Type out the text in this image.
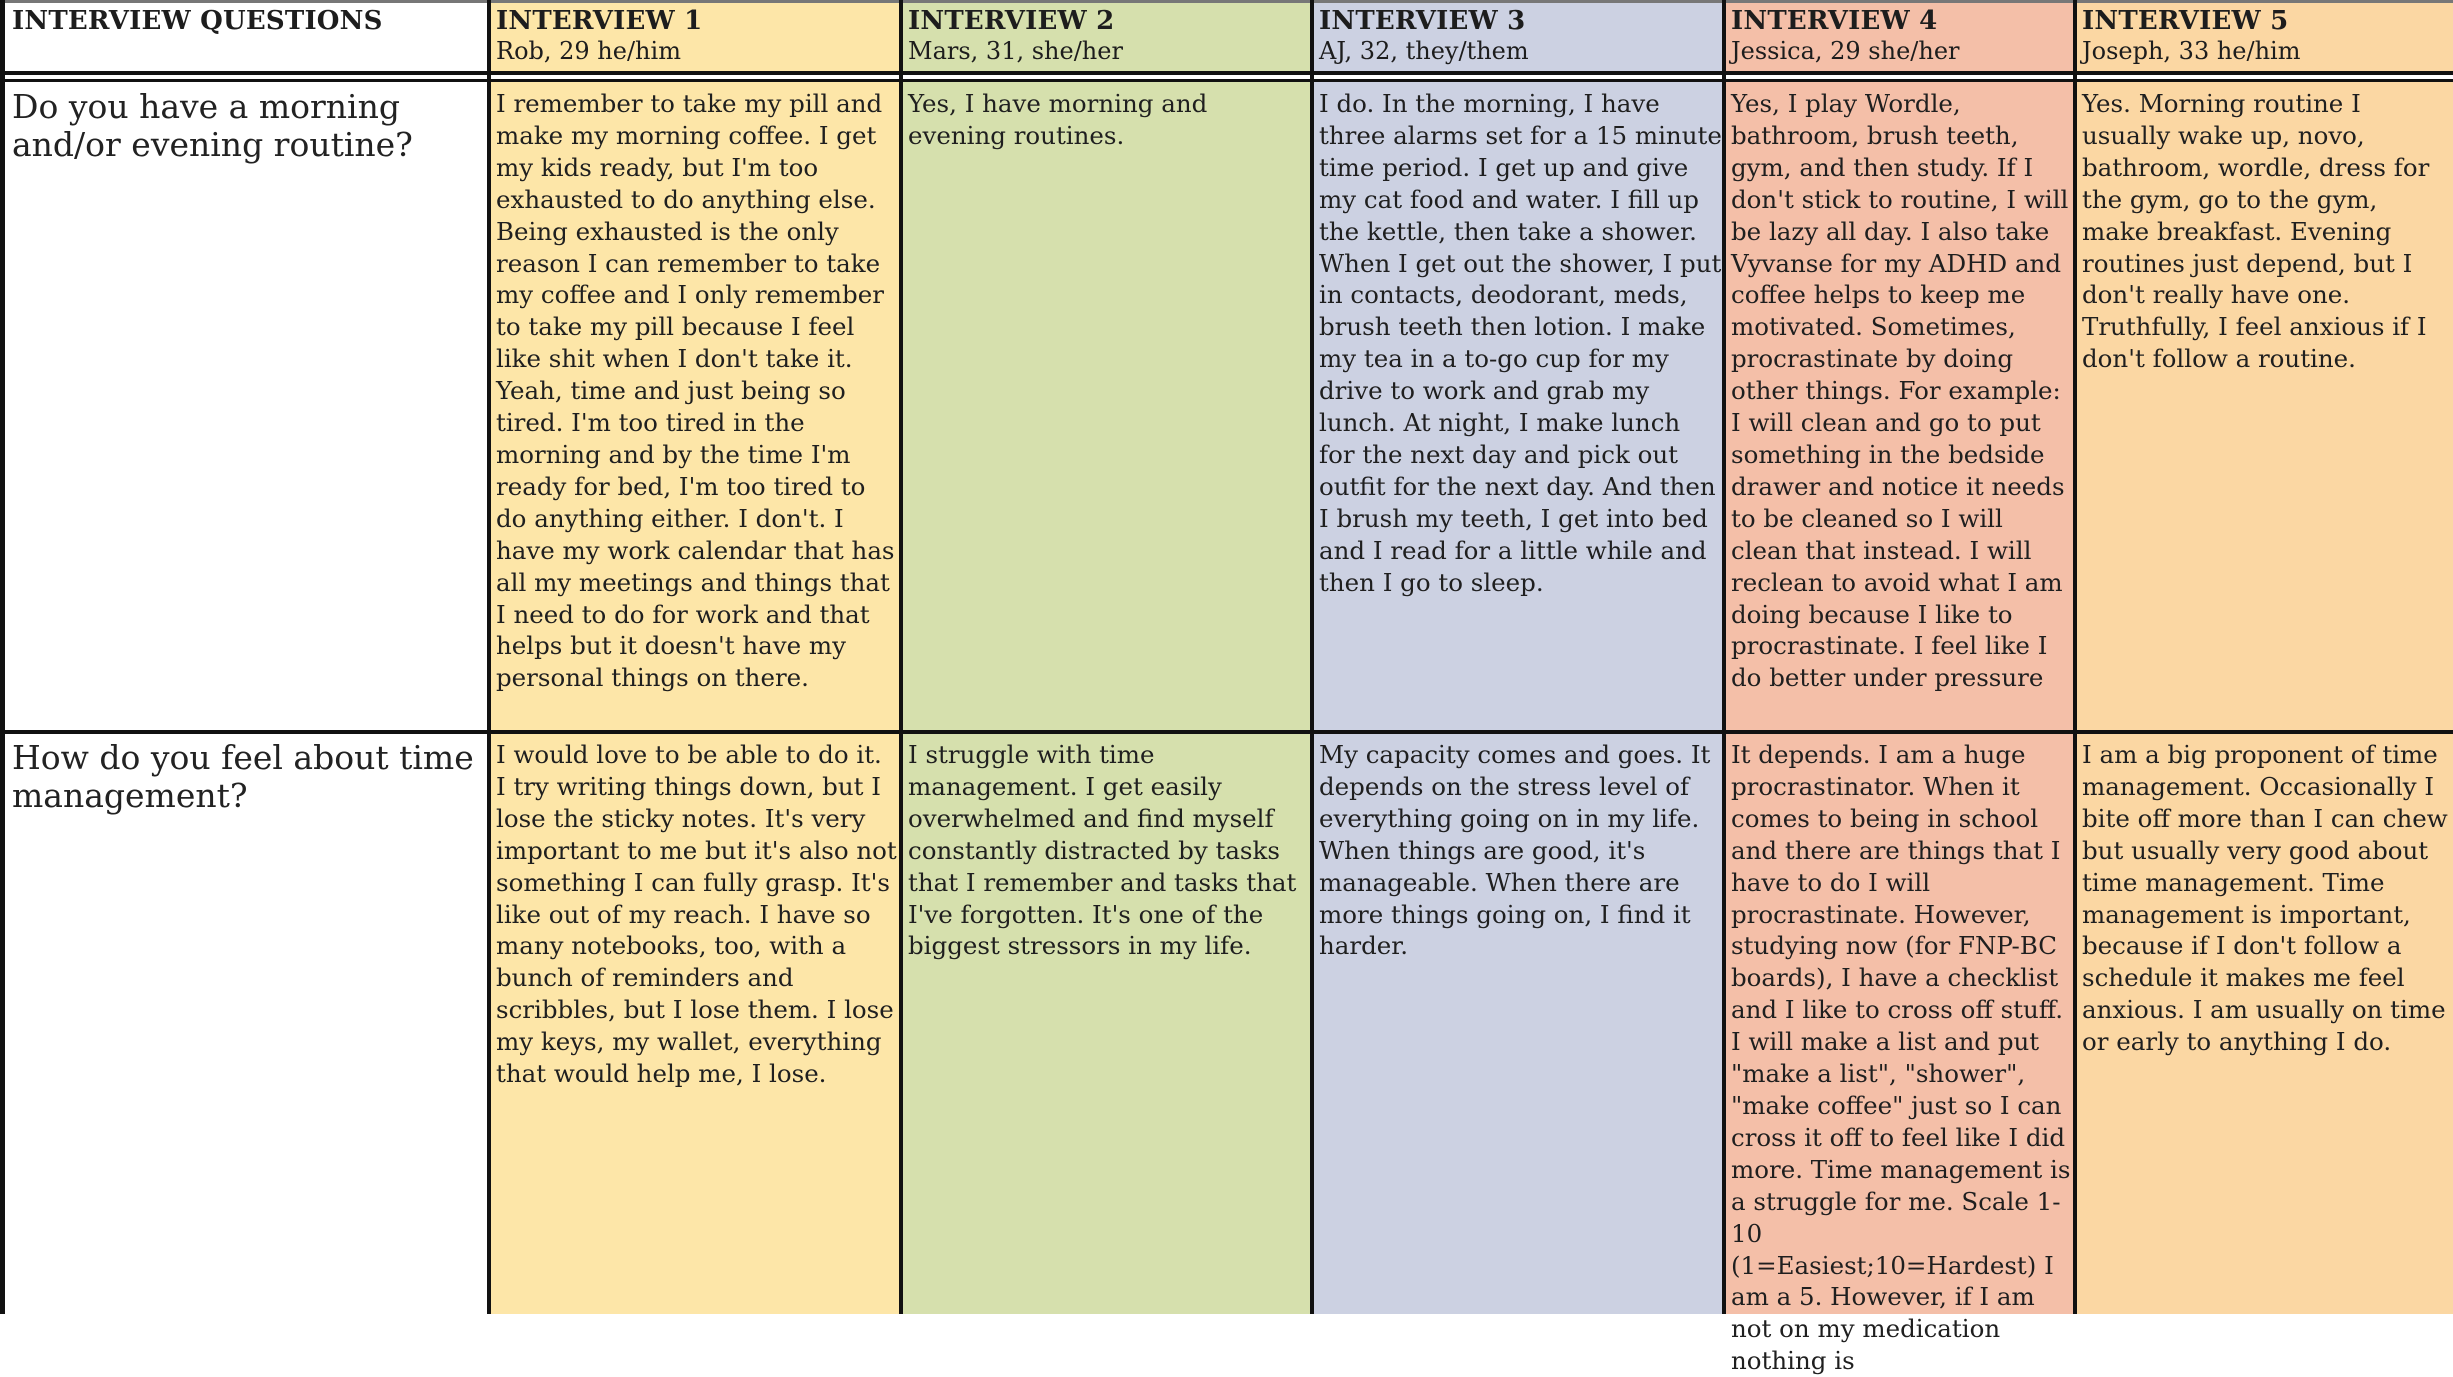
INTERVIEW QUESTIONS	INTERVIEW 1
Rob, 29 he/him
INTERVIEW 2
Mars, 31, she/her
INTERVIEW 3
AJ, 32, they/them
INTERVIEW 4
Jessica, 29 she/her
INTERVIEW 5
Joseph, 33 he/him
Do you have a morning and/or evening routine?
I remember to take my pill and make my morning coffee. I get my kids ready, but I'm too exhausted to do anything else. Being exhausted is the only reason I can remember to take my coffee and I only remember to take my pill because I feel like shit when I don't take it. Yeah, time and just being so tired. I'm too tired in the morning and by the time I'm ready for bed, I'm too tired to do anything either. I don't. I have my work calendar that has all my meetings and things that I need to do for work and that helps but it doesn't have my personal things on there.
Yes, I have morning and evening routines.
I do. In the morning, I have three alarms set for a 15 minute time period. I get up and give my cat food and water. I fill up the kettle, then take a shower. When I get out the shower, I put in contacts, deodorant, meds, brush teeth then lotion. I make my tea in a to-go cup for my drive to work and grab my lunch. At night, I make lunch for the next day and pick out outfit for the next day. And then I brush my teeth, I get into bed and I read for a little while and then I go to sleep.
Yes, I play Wordle, bathroom, brush teeth, gym, and then study. If I don't stick to routine, I will be lazy all day. I also take Vyvanse for my ADHD and coffee helps to keep me motivated. Sometimes, procrastinate by doing other things. For example: I will clean and go to put something in the bedside drawer and notice it needs to be cleaned so I will clean that instead. I will reclean to avoid what I am doing because I like to procrastinate. I feel like I do better under pressure
Yes. Morning routine I usually wake up, novo, bathroom, wordle, dress for the gym, go to the gym, make breakfast. Evening routines just depend, but I don't really have one. Truthfully, I feel anxious if I don't follow a routine.
How do you feel about time management?
I would love to be able to do it. I try writing things down, but I lose the sticky notes. It's very important to me but it's also not something I can fully grasp. It's like out of my reach. I have so many notebooks, too, with a bunch of reminders and scribbles, but I lose them. I lose my keys, my wallet, everything that would help me, I lose.
I struggle with time management. I get easily overwhelmed and find myself constantly distracted by tasks that I remember and tasks that I've forgotten. It's one of the biggest stressors in my life.
My capacity comes and goes. It depends on the stress level of everything going on in my life. When things are good, it's manageable. When there are more things going on, I find it harder.
It depends. I am a huge procrastinator. When it comes to being in school and there are things that I have to do I will procrastinate. However, studying now (for FNP-BC boards), I have a checklist and I like to cross off stuff. I will make a list and put "make a list", "shower", "make coffee" just so I can cross it off to feel like I did more. Time management is a struggle for me. Scale 1-10 (1=Easiest;10=Hardest) I am a 5. However, if I am not on my medication nothing is
I am a big proponent of time management. Occasionally I bite off more than I can chew but usually very good about time management. Time management is important, because if I don't follow a schedule it makes me feel anxious. I am usually on time or early to anything I do.
